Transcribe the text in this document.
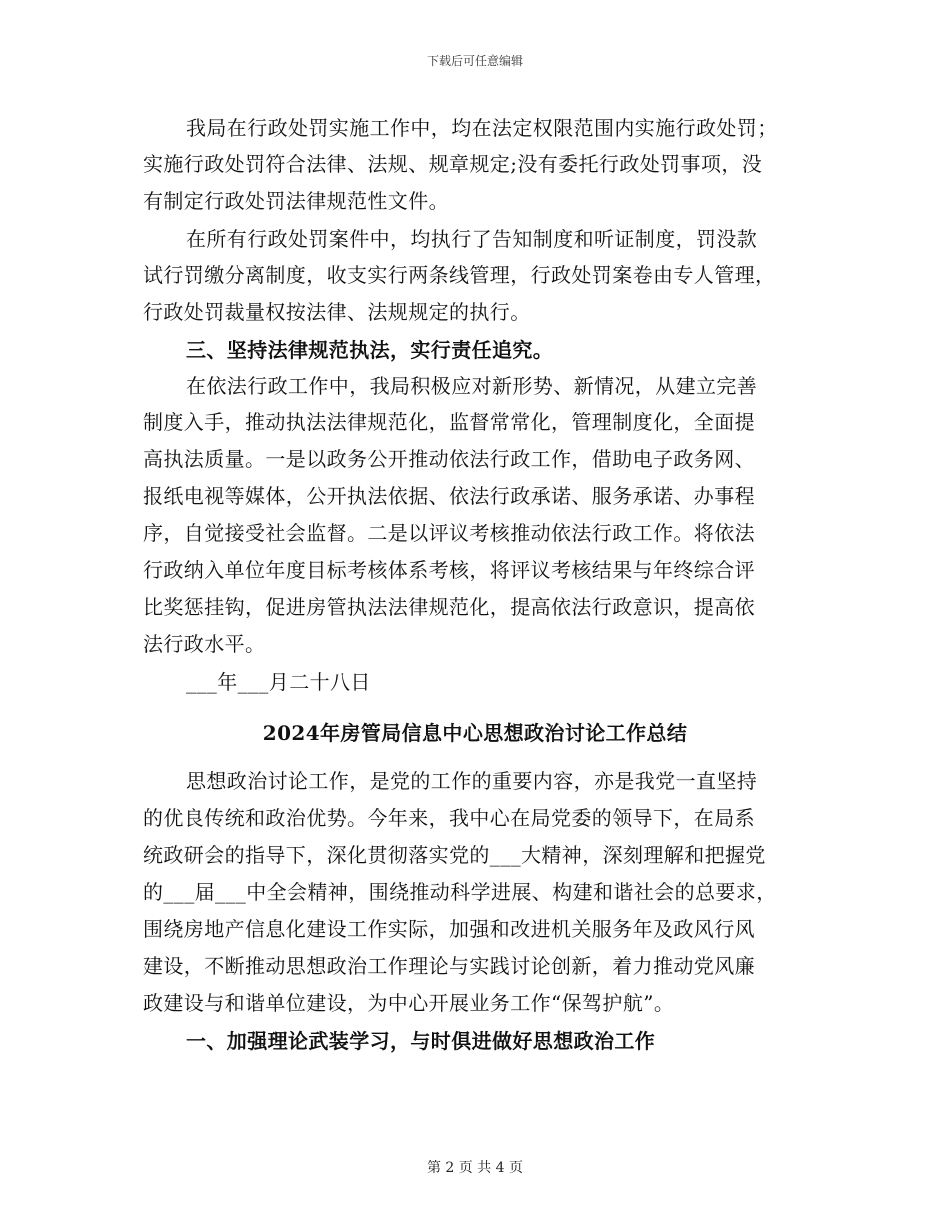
下载后可任意编辑

我局在行政处罚实施工作中，均在法定权限范围内实施行政处罚；

实施行政处罚符合法律、法规、规章规定;没有委托行政处罚事项，没

有制定行政处罚法律规范性文件。

在所有行政处罚案件中，均执行了告知制度和听证制度，罚没款

试行罚缴分离制度，收支实行两条线管理，行政处罚案卷由专人管理，

行政处罚裁量权按法律、法规规定的执行。

三、坚持法律规范执法，实行责任追究。

在依法行政工作中，我局积极应对新形势、新情况，从建立完善

制度入手，推动执法法律规范化，监督常常化，管理制度化，全面提

高执法质量。一是以政务公开推动依法行政工作，借助电子政务网、

报纸电视等媒体，公开执法依据、依法行政承诺、服务承诺、办事程

序，自觉接受社会监督。二是以评议考核推动依法行政工作。将依法

行政纳入单位年度目标考核体系考核，将评议考核结果与年终综合评

比奖惩挂钩，促进房管执法法律规范化，提高依法行政意识，提高依

法行政水平。

___年___月二十八日

2024年房管局信息中心思想政治讨论工作总结

思想政治讨论工作，是党的工作的重要内容，亦是我党一直坚持

的优良传统和政治优势。今年来，我中心在局党委的领导下，在局系

统政研会的指导下，深化贯彻落实党的___大精神，深刻理解和把握党

的___届___中全会精神，围绕推动科学进展、构建和谐社会的总要求，

围绕房地产信息化建设工作实际，加强和改进机关服务年及政风行风

建设，不断推动思想政治工作理论与实践讨论创新，着力推动党风廉

政建设与和谐单位建设，为中心开展业务工作“保驾护航”。

一、加强理论武装学习，与时俱进做好思想政治工作

第 2 页 共 4 页
